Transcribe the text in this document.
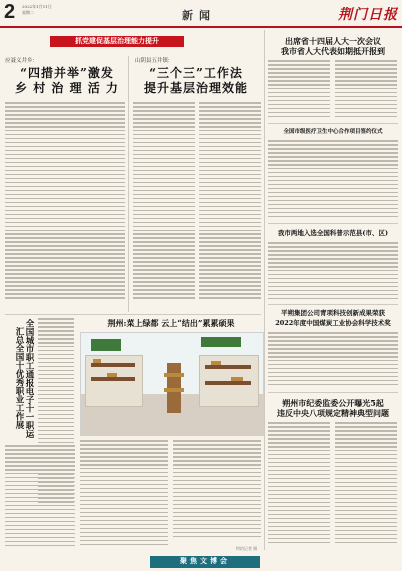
2 2022年1月11日
星期二	新闻	荆门日报
抓党建促基层治理能力提升
应聂义井乡:
“四措并举”激发
乡 村 治 理 活 力
山阴县五井镇:
“三个三”工作法
提升基层治理效能
全国城市职工通报电子十一职运汇总全国十优秀职业工作展
荆州:菜上绿都 云上“结出”累累硕果
特约记者 摄
出席省十四届人大一次会议
我市省人大代表如期抵开报到
全国市级医疗卫生中心合作项目签约仪式
我市两地入选全国科普示范县(市、区)
平朔集团公司青项科技创新成果荣获
2022年度中国煤炭工业协会科学技术奖
朔州市纪委监委公开曝光5起
违反中央八项规定精神典型问题
聚焦文博会
